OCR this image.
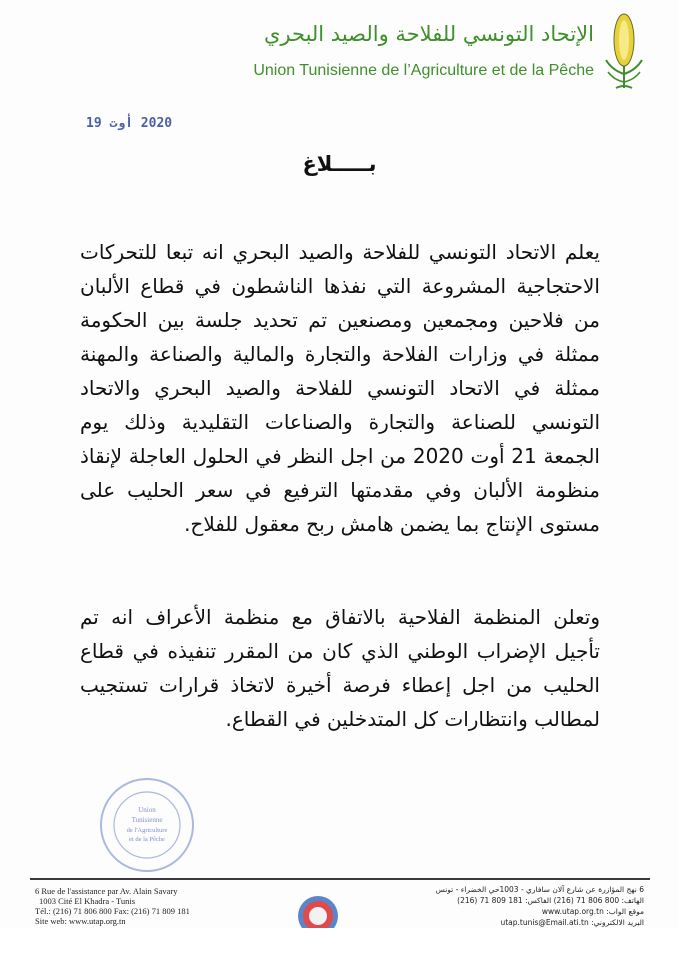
الإتحاد التونسي للفلاحة والصيد البحري
Union Tunisienne de l’Agriculture et de la Pêche
2020 أوت 19
بـــــلاغ
يعلم الاتحاد التونسي للفلاحة والصيد البحري انه تبعا للتحركات الاحتجاجية المشروعة التي نفذها الناشطون في قطاع الألبان من فلاحين ومجمعين ومصنعين تم تحديد جلسة بين الحكومة ممثلة في وزارات الفلاحة والتجارة والمالية والصناعة والمهنة ممثلة في الاتحاد التونسي للفلاحة والصيد البحري والاتحاد التونسي للصناعة والتجارة والصناعات التقليدية وذلك يوم الجمعة 21 أوت 2020 من اجل النظر في الحلول العاجلة لإنقاذ منظومة الألبان وفي مقدمتها الترفيع في سعر الحليب على مستوى الإنتاج بما يضمن هامش ربح معقول للفلاح.
وتعلن المنظمة الفلاحية بالاتفاق مع منظمة الأعراف انه تم تأجيل الإضراب الوطني الذي كان من المقرر تنفيذه في قطاع الحليب من اجل إعطاء فرصة أخيرة لاتخاذ قرارات تستجيب لمطالب وانتظارات كل المتدخلين في القطاع.
Union
Tunisienne
de l'Agriculture
et de la Pêche
6 Rue de l'assistance par Av. Alain Savary
1003 Cité El Khadra - Tunis
Tél.: (216) 71 806 800 Fax: (216) 71 809 181
Site web: www.utap.org.tn
6 نهج المؤازرة عن شارع آلان سافاري - 1003حي الخضراء - تونس
الهاتف: 800 806 71 (216) الفاكس: 181 809 71 (216)
موقع الواب: www.utap.org.tn
البريد الالكتروني: utap.tunis@Email.ati.tn
